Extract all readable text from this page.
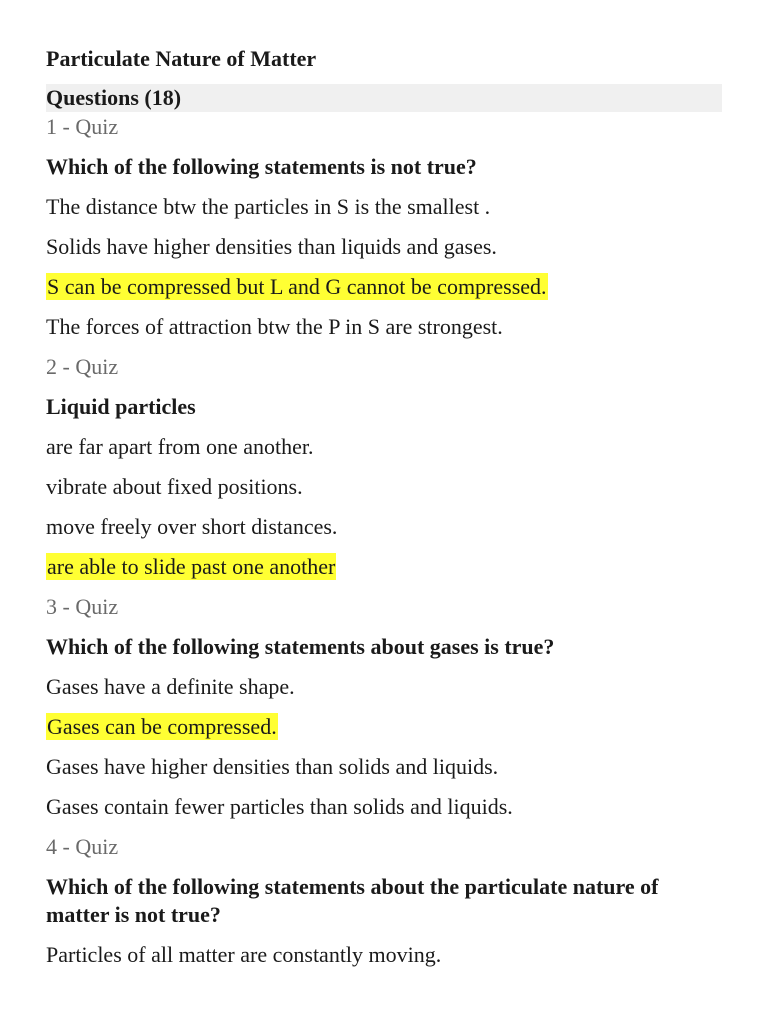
Particulate Nature of Matter
Questions (18)
1 - Quiz
Which of the following statements is not true?
The distance btw the particles in S is the smallest .
Solids have higher densities than liquids and gases.
S can be compressed but L and G cannot be compressed.
The forces of attraction btw the P in S are strongest.
2 - Quiz
Liquid particles
are far apart from one another.
vibrate about fixed positions.
move freely over short distances.
are able to slide past one another
3 - Quiz
Which of the following statements about gases is true?
Gases have a definite shape.
Gases can be compressed.
Gases have higher densities than solids and liquids.
Gases contain fewer particles than solids and liquids.
4 - Quiz
Which of the following statements about the particulate nature of matter is not true?
Particles of all matter are constantly moving.
